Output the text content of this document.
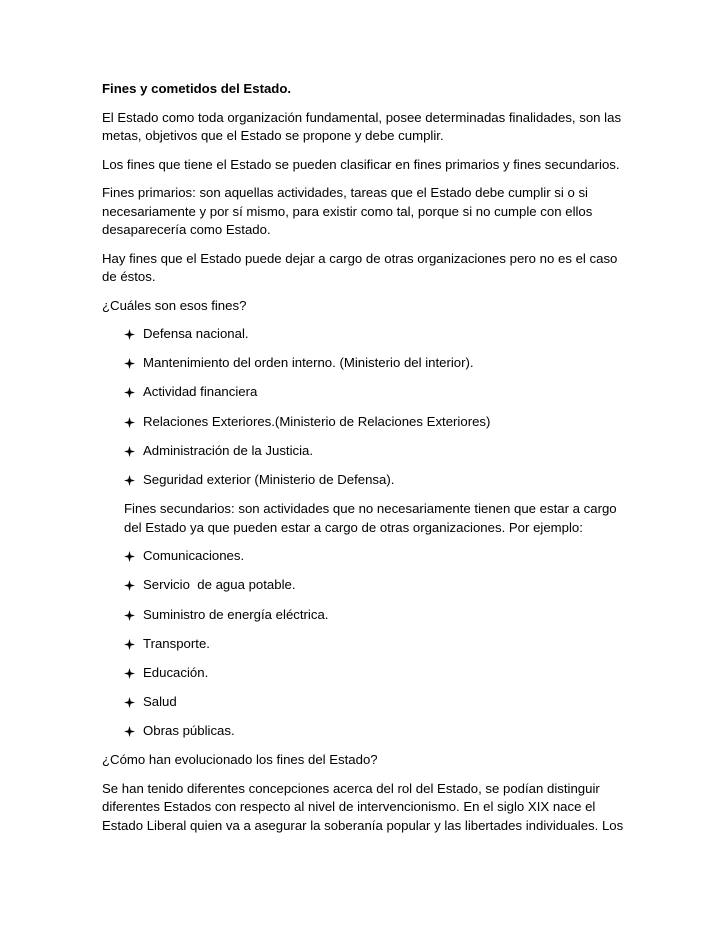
Fines y cometidos del Estado.

El Estado como toda organización fundamental, posee determinadas finalidades, son las metas, objetivos que el Estado se propone y debe cumplir.

Los fines que tiene el Estado se pueden clasificar en fines primarios y fines secundarios.

Fines primarios: son aquellas actividades, tareas que el Estado debe cumplir si o si necesariamente y por sí mismo, para existir como tal, porque si no cumple con ellos desaparecería como Estado.

Hay fines que el Estado puede dejar a cargo de otras organizaciones pero no es el caso de éstos.

¿Cuáles son esos fines?

Defensa nacional.
Mantenimiento del orden interno. (Ministerio del interior).
Actividad financiera
Relaciones Exteriores.(Ministerio de Relaciones Exteriores)
Administración de la Justicia.
Seguridad exterior (Ministerio de Defensa).

Fines secundarios: son actividades que no necesariamente tienen que estar a cargo del Estado ya que pueden estar a cargo de otras organizaciones. Por ejemplo:

Comunicaciones.
Servicio  de agua potable.
Suministro de energía eléctrica.
Transporte.
Educación.
Salud
Obras públicas.

¿Cómo han evolucionado los fines del Estado?

Se han tenido diferentes concepciones acerca del rol del Estado, se podían distinguir diferentes Estados con respecto al nivel de intervencionismo. En el siglo XIX nace el Estado Liberal quien va a asegurar la soberanía popular y las libertades individuales. Los
